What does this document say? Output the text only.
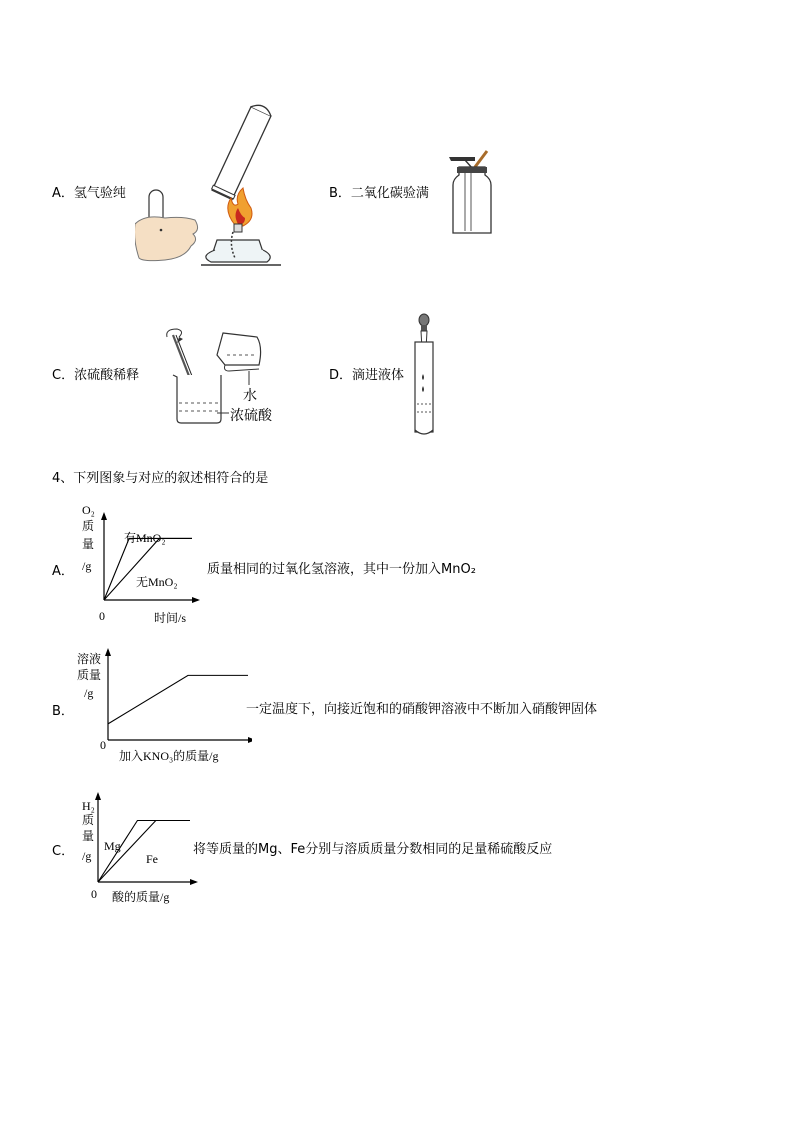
A．氢气验纯	B．二氧化碳验满
C．浓硫酸稀释	D．滴进液体
水
浓硫酸
4、下列图象与对应的叙述相符合的是
A．	质量相同的过氧化氢溶液，其中一份加入MnO₂
B．	一定温度下，向接近饱和的硝酸钾溶液中不断加入硝酸钾固体
C．	将等质量的Mg、Fe分别与溶质质量分数相同的足量稀硫酸反应
有MnO₂
无MnO₂
O₂
质
量
/g
时间/s
0
溶液
质量
/g
加入KNO₃的质量/g
0
Mg
Fe
H₂
质
量
/g
酸的质量/g
0
